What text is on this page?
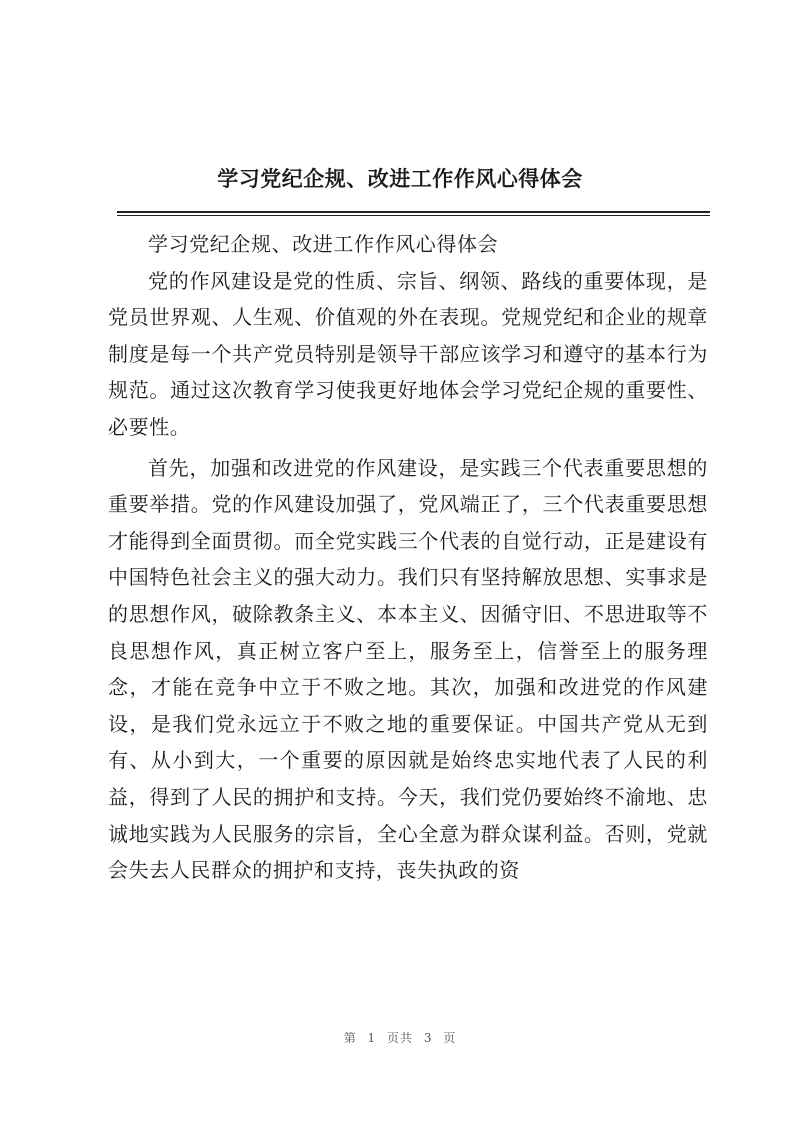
学习党纪企规、改进工作作风心得体会

学习党纪企规、改进工作作风心得体会

党的作风建设是党的性质、宗旨、纲领、路线的重要体现，是党员世界观、人生观、价值观的外在表现。党规党纪和企业的规章制度是每一个共产党员特别是领导干部应该学习和遵守的基本行为规范。通过这次教育学习使我更好地体会学习党纪企规的重要性、必要性。

首先，加强和改进党的作风建设，是实践三个代表重要思想的重要举措。党的作风建设加强了，党风端正了，三个代表重要思想才能得到全面贯彻。而全党实践三个代表的自觉行动，正是建设有中国特色社会主义的强大动力。我们只有坚持解放思想、实事求是的思想作风，破除教条主义、本本主义、因循守旧、不思进取等不良思想作风，真正树立客户至上，服务至上，信誉至上的服务理念，才能在竞争中立于不败之地。其次，加强和改进党的作风建设，是我们党永远立于不败之地的重要保证。中国共产党从无到有、从小到大，一个重要的原因就是始终忠实地代表了人民的利益，得到了人民的拥护和支持。今天，我们党仍要始终不渝地、忠诚地实践为人民服务的宗旨，全心全意为群众谋利益。否则，党就会失去人民群众的拥护和支持，丧失执政的资

第 1 页共 3 页
